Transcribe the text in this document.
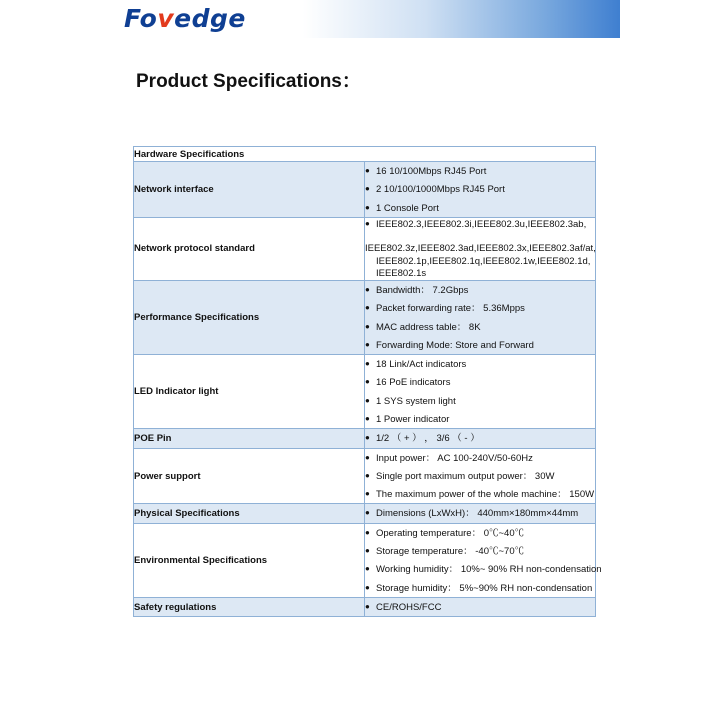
Fovedge
Product Specifications：
Hardware Specifications	
Network interface	● 16 10/100Mbps RJ45 Port
● 2 10/100/1000Mbps RJ45 Port
● 1 Console Port

Network protocol standard	● IEEE802.3,IEEE802.3i,IEEE802.3u,IEEE802.3ab,
IEEE802.3z,IEEE802.3ad,IEEE802.3x,IEEE802.3af/at,
IEEE802.1p,IEEE802.1q,IEEE802.1w,IEEE802.1d,
IEEE802.1s

Performance Specifications	● Bandwidth： 7.2Gbps
● Packet forwarding rate： 5.36Mpps
● MAC address table： 8K
● Forwarding Mode: Store and Forward

LED Indicator light	● 18 Link/Act indicators
● 16 PoE indicators
● 1 SYS system light
● 1 Power indicator

POE Pin	● 1/2 （ + ） ， 3/6 （ - ）

Power support	● Input power： AC 100-240V/50-60Hz
● Single port maximum output power： 30W
● The maximum power of the whole machine： 150W

Physical Specifications	● Dimensions (LxWxH)： 440mm×180mm×44mm

Environmental Specifications	● Operating temperature： 0℃~40℃
● Storage temperature： -40℃~70℃
● Working humidity： 10%~ 90% RH non-condensation
● Storage humidity： 5%~90% RH non-condensation

Safety regulations	● CE/ROHS/FCC
